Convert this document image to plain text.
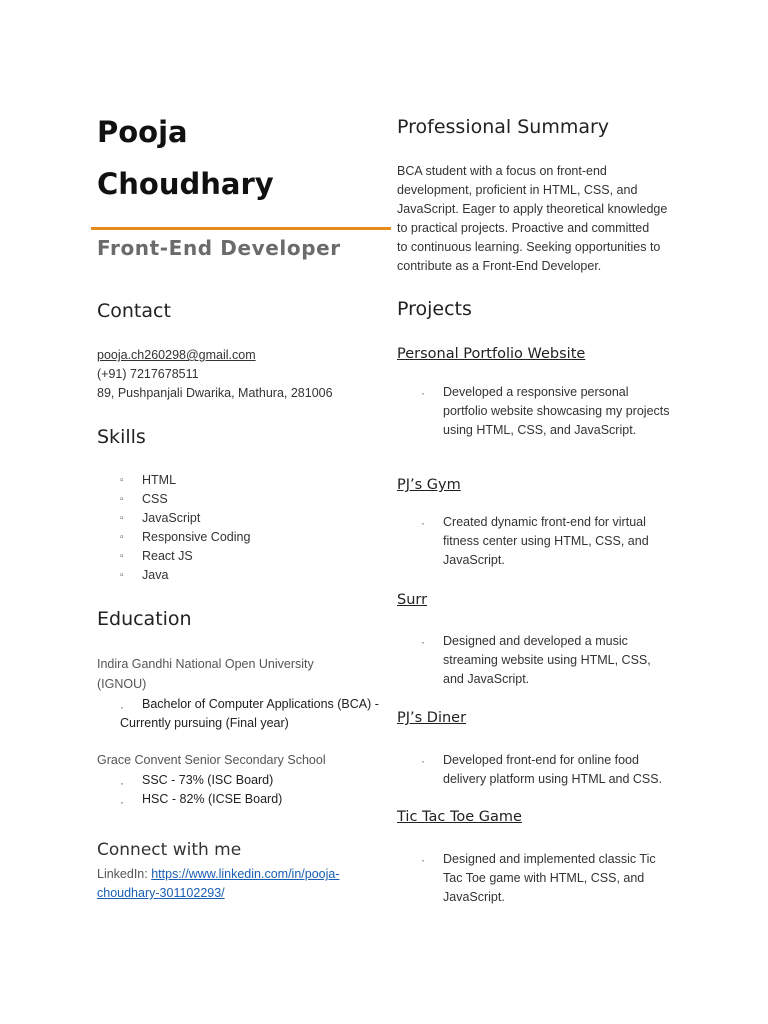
Pooja
Choudhary
Front-End Developer
Contact
pooja.ch260298@gmail.com
(+91) 7217678511
89, Pushpanjali Dwarika, Mathura, 281006
Skills
▫ HTML
▫ CSS
▫ JavaScript
▫ Responsive Coding
▫ React JS
▫ Java
Education
Indira Gandhi National Open University
(IGNOU)
· Bachelor of Computer Applications (BCA) -
Currently pursuing (Final year)
Grace Convent Senior Secondary School
· SSC - 73% (ISC Board)
· HSC - 82% (ICSE Board)
Connect with me
LinkedIn: https://www.linkedin.com/in/pooja-
choudhary-301102293/
Professional Summary
BCA student with a focus on front-end
development, proficient in HTML, CSS, and
JavaScript. Eager to apply theoretical knowledge
to practical projects. Proactive and committed
to continuous learning. Seeking opportunities to
contribute as a Front-End Developer.
Projects
Personal Portfolio Website
· Developed a responsive personal portfolio website showcasing my projects using HTML, CSS, and JavaScript.
PJ’s Gym
· Created dynamic front-end for virtual fitness center using HTML, CSS, and JavaScript.
Surr
· Designed and developed a music streaming website using HTML, CSS, and JavaScript.
PJ’s Diner
· Developed front-end for online food delivery platform using HTML and CSS.
Tic Tac Toe Game
· Designed and implemented classic Tic Tac Toe game with HTML, CSS, and JavaScript.
